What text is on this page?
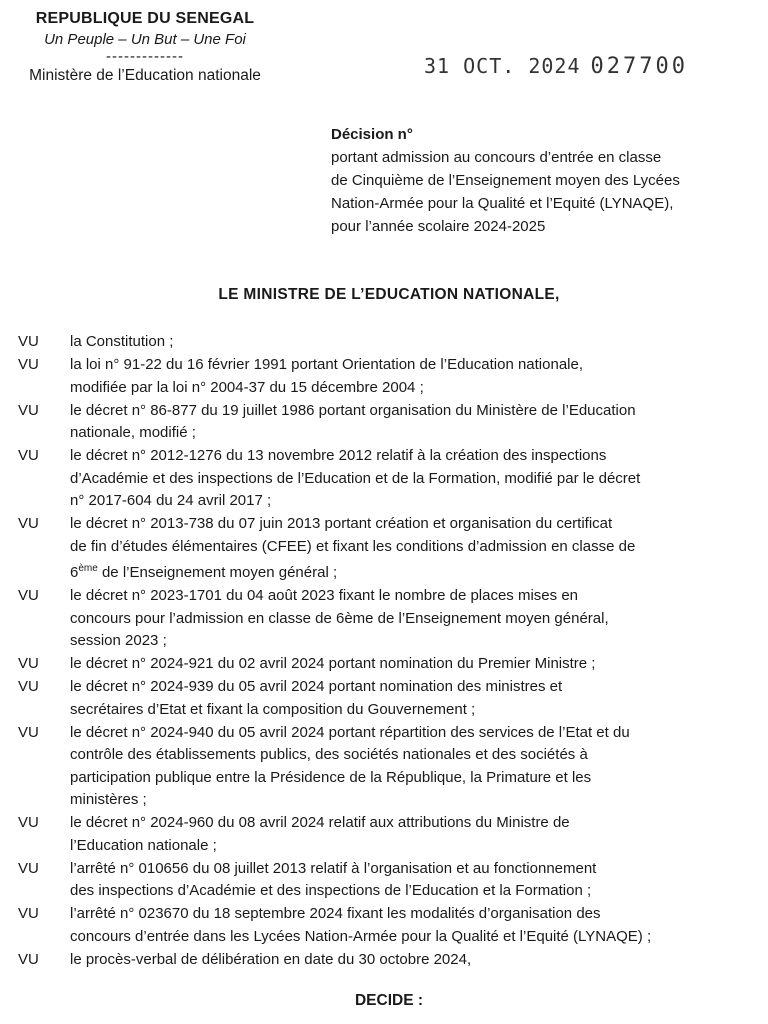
REPUBLIQUE DU SENEGAL
Un Peuple – Un But – Une Foi
-------------
Ministère de l’Education nationale	31 OCT. 2024 027700
Décision n°
portant admission au concours d’entrée en classe
de Cinquième de l’Enseignement moyen des Lycées
Nation-Armée pour la Qualité et l’Equité (LYNAQE),
pour l’année scolaire 2024-2025
LE MINISTRE DE L’EDUCATION NATIONALE,
VU	la Constitution ;
VU	la loi n° 91-22 du 16 février 1991 portant Orientation de l’Education nationale,
modifiée par la loi n° 2004-37 du 15 décembre 2004 ;
VU	le décret n° 86-877 du 19 juillet 1986 portant organisation du Ministère de l’Education
nationale, modifié ;
VU	le décret n° 2012-1276 du 13 novembre 2012 relatif à la création des inspections
d’Académie et des inspections de l’Education et de la Formation, modifié par le décret
n° 2017-604 du 24 avril 2017 ;
VU	le décret n° 2013-738 du 07 juin 2013 portant création et organisation du certificat
de fin d’études élémentaires (CFEE) et fixant les conditions d’admission en classe de
6ème de l’Enseignement moyen général ;
VU	le décret n° 2023-1701 du 04 août 2023 fixant le nombre de places mises en
concours pour l’admission en classe de 6ème de l’Enseignement moyen général,
session 2023 ;
VU	le décret n° 2024-921 du 02 avril 2024 portant nomination du Premier Ministre ;
VU	le décret n° 2024-939 du 05 avril 2024 portant nomination des ministres et
secrétaires d’Etat et fixant la composition du Gouvernement ;
VU	le décret n° 2024-940 du 05 avril 2024 portant répartition des services de l’Etat et du
contrôle des établissements publics, des sociétés nationales et des sociétés à
participation publique entre la Présidence de la République, la Primature et les
ministères ;
VU	le décret n° 2024-960 du 08 avril 2024 relatif aux attributions du Ministre de
l’Education nationale ;
VU	l’arrêté n° 010656 du 08 juillet 2013 relatif à l’organisation et au fonctionnement
des inspections d’Académie et des inspections de l’Education et la Formation ;
VU	l’arrêté n° 023670 du 18 septembre 2024 fixant les modalités d’organisation des
concours d’entrée dans les Lycées Nation-Armée pour la Qualité et l’Equité (LYNAQE) ;
VU	le procès-verbal de délibération en date du 30 octobre 2024,
DECIDE :
